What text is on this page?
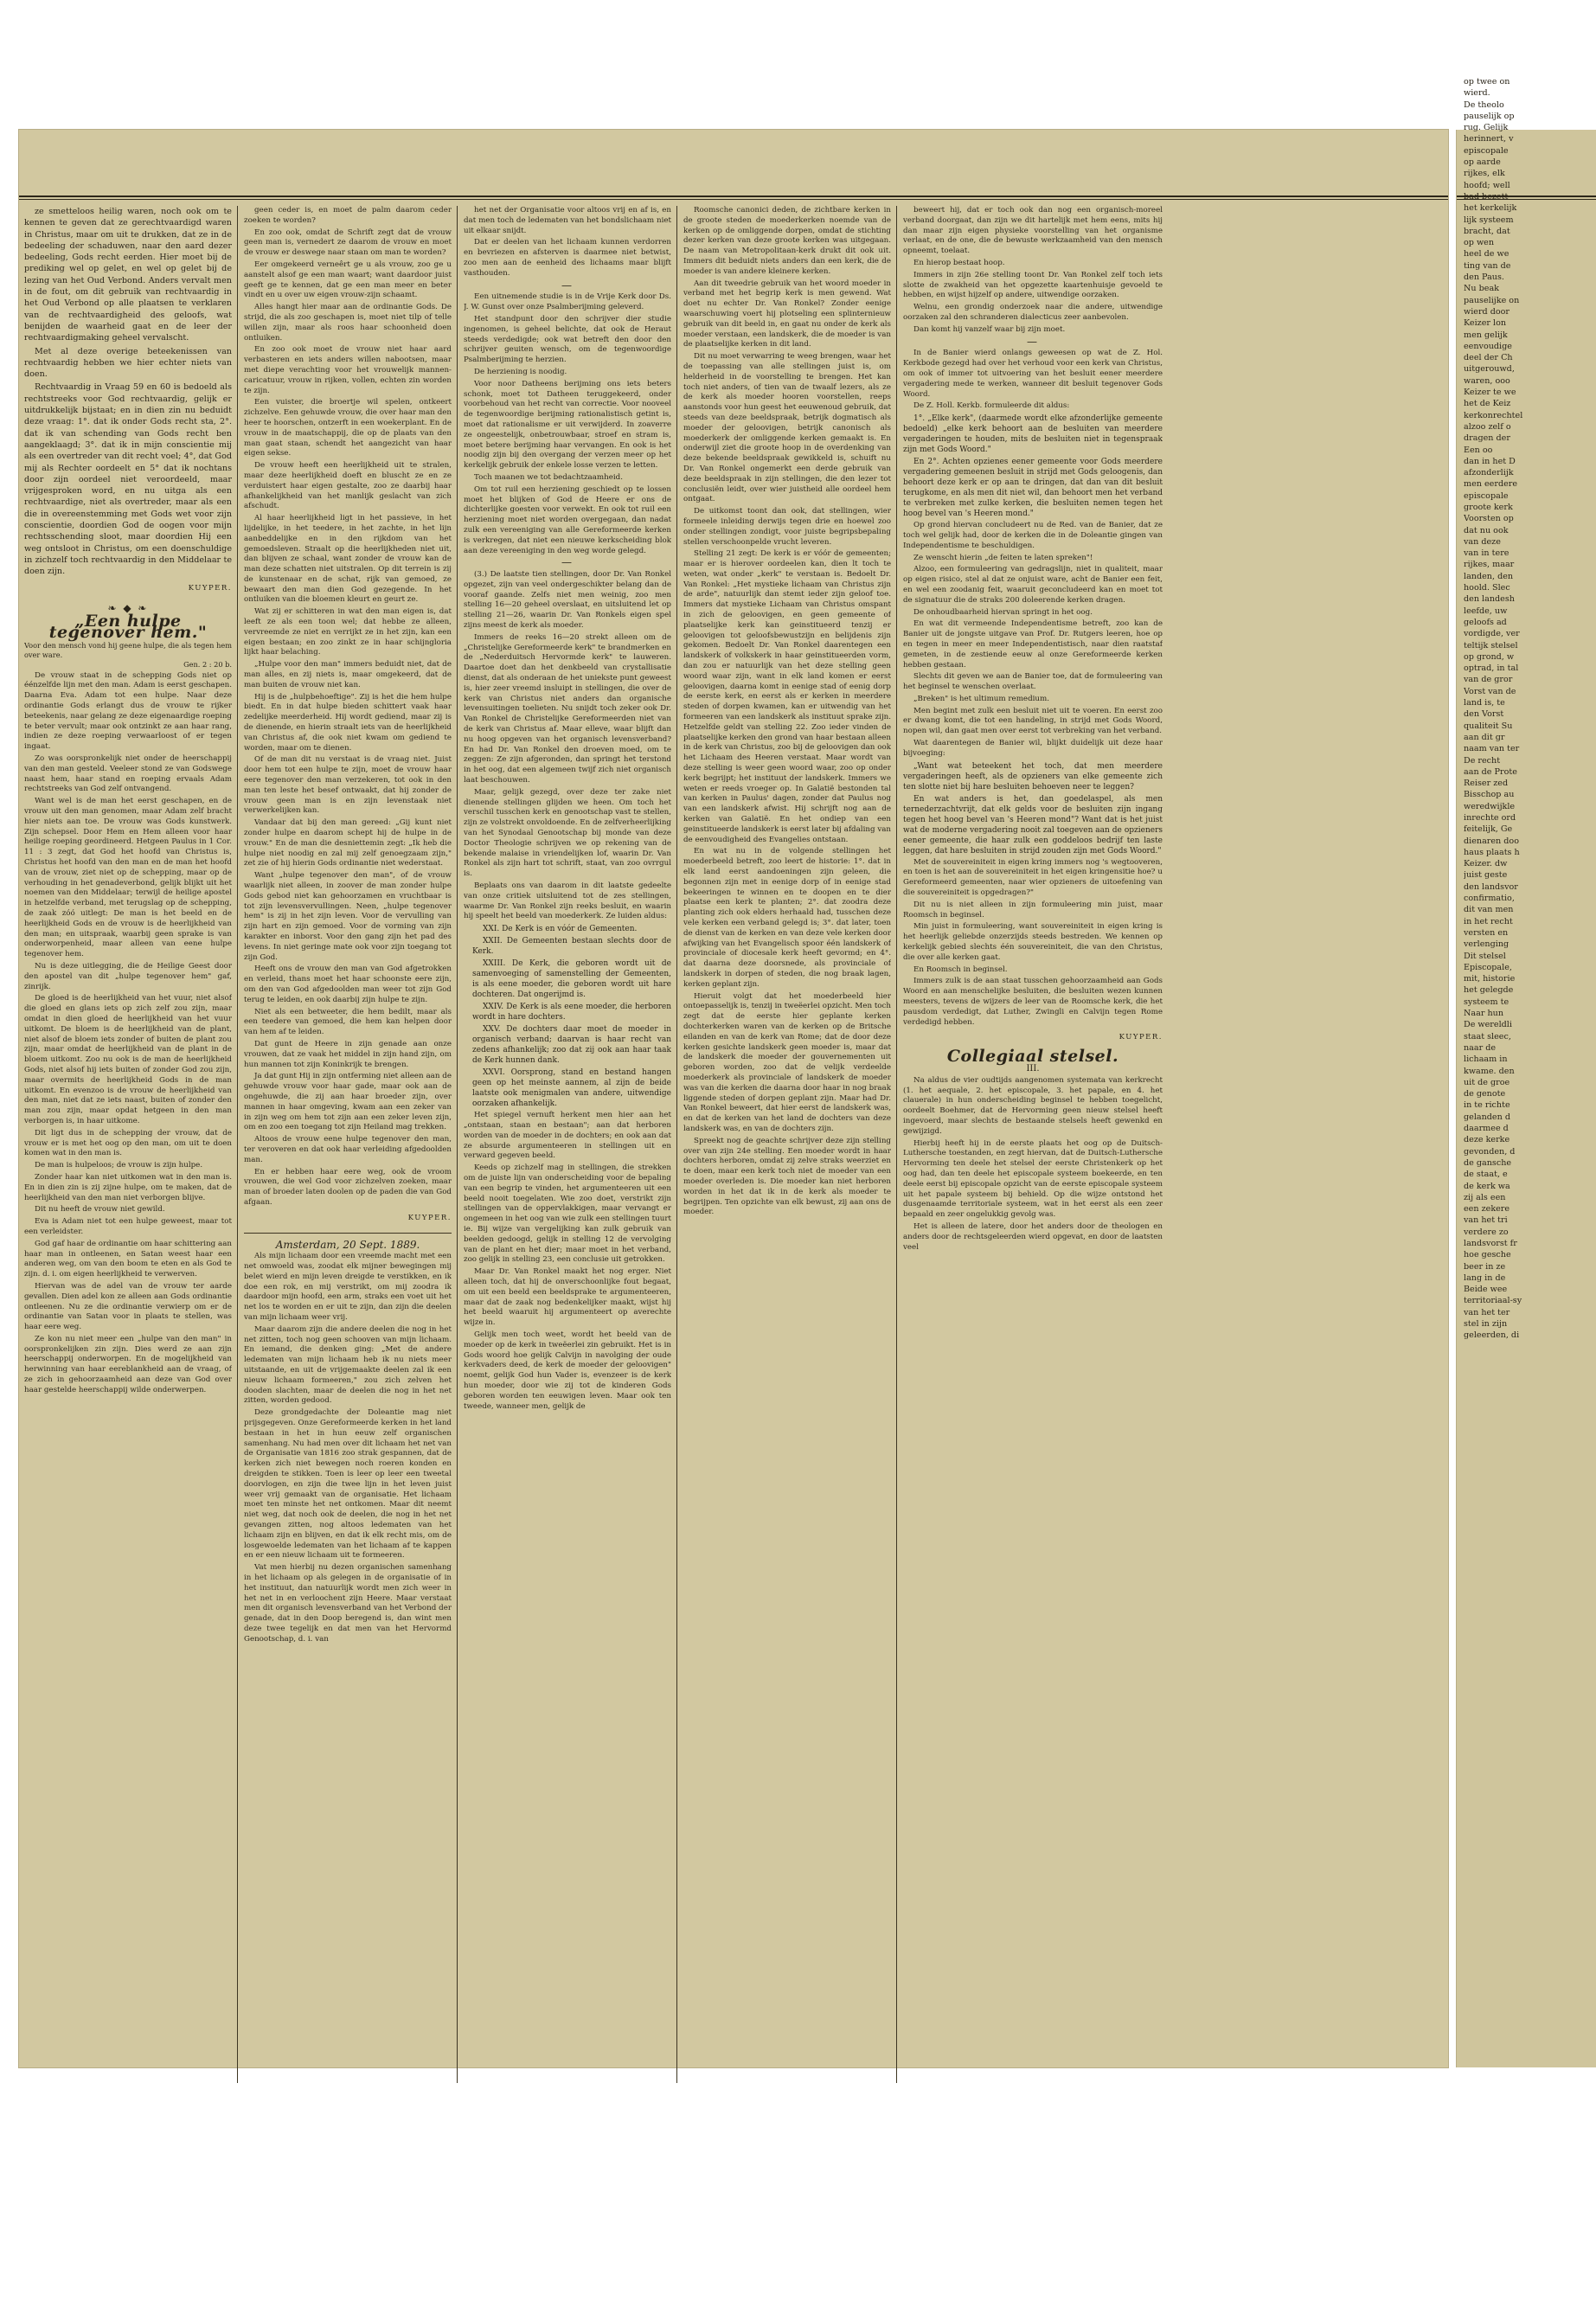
ze smetteloos heilig waren, noch ook om te kennen te geven dat ze gerechtvaardigd waren in Christus, maar om uit te drukken, dat ze in de bedeeling der schaduwen, naar den aard dezer bedeeling, Gods recht eerden. Hier moet bij de prediking wel op gelet, en wel op gelet bij de lezing van het Oud Verbond. Anders vervalt men in de fout, om dit gebruik van rechtvaardig in het Oud Verbond op alle plaatsen te verklaren van de rechtvaardigheid des geloofs, wat benijden de waarheid gaat en de leer der rechtvaardigmaking geheel vervalscht.

Met al deze overige beteekenissen van rechtvaardig hebben we hier echter niets van doen.

Rechtvaardig in Vraag 59 en 60 is bedoeld als rechtstreeks voor God rechtvaardig, gelijk er uitdrukkelijk bijstaat; en in dien zin nu beduidt deze vraag: 1°. dat ik onder Gods recht sta, 2°. dat ik van schending van Gods recht ben aangeklaagd; 3°. dat ik in mijn conscientie mij als een overtreder van dit recht voel; 4°, dat God mij als Rechter oordeelt en 5° dat ik nochtans door zijn oordeel niet veroordeeld, maar vrijgesproken word, en nu uitga als een rechtvaardige, niet als overtreder, maar als een die in overeenstemming met Gods wet voor zijn conscientie, doordien God de oogen voor mijn rechtsschending sloot, maar doordien Hij een weg ontsloot in Christus, om een doenschuldige in zichzelf toch rechtvaardig in den Middelaar te doen zijn.

KUYPER.

❧ ◆ ❧

„Een hulpe tegenover hem."

Voor den mensch vond hij geene hulpe, die als tegen hem over ware.
Gen. 2 : 20 b.

De vrouw staat in de schepping Gods niet op éénzelfde lijn met den man. Adam is eerst geschapen. Daarna Eva. Adam tot een hulpe. Naar deze ordinantie Gods erlangt dus de vrouw te rijker beteekenis, naar gelang ze deze eigenaardige roeping te beter vervult; maar ook ontzinkt ze aan haar rang, indien ze deze roeping verwaarloost of er tegen ingaat.

Zo was oorspronkelijk niet onder de heerschappij van den man gesteld. Veeleer stond ze van Godswege naast hem, haar stand en roeping ervaals Adam rechtstreeks van God zelf ontvangend.

Want wel is de man het eerst geschapen, en de vrouw uit den man genomen, maar Adam zelf bracht hier niets aan toe. De vrouw was Gods kunstwerk. Zijn schepsel. Door Hem en Hem alleen voor haar heilige roeping geordineerd. Hetgeen Paulus in 1 Cor. 11 : 3 zegt, dat God het hoofd van Christus is, Christus het hoofd van den man en de man het hoofd van de vrouw, ziet niet op de schepping, maar op de verhouding in het genadeverbond, gelijk blijkt uit het noemen van den Middelaar; terwijl de heilige apostel in hetzelfde verband, met terugslag op de schepping, de zaak zóó uitlegt: De man is het beeld en de heerlijkheid Gods en de vrouw is de heerlijkheid van den man; en uitspraak, waarbij geen sprake is van onderworpenheid, maar alleen van eene hulpe tegenover hem.

Nu is deze uitlegging, die de Heilige Geest door den apostel van dit „hulpe tegenover hem" gaf, zinrijk.

De gloed is de heerlijkheid van het vuur, niet alsof die gloed en glans iets op zich zelf zou zijn, maar omdat in dien gloed de heerlijkheid van het vuur uitkomt. De bloem is de heerlijkheid van de plant, niet alsof de bloem iets zonder of buiten de plant zou zijn, maar omdat de heerlijkheid van de plant in de bloem uitkomt. Zoo nu ook is de man de heerlijkheid Gods, niet alsof hij iets buiten of zonder God zou zijn, maar overmits de heerlijkheid Gods in de man uitkomt. En evenzoo is de vrouw de heerlijkheid van den man, niet dat ze iets naast, buiten of zonder den man zou zijn, maar opdat hetgeen in den man verborgen is, in haar uitkome.

Dit ligt dus in de schepping der vrouw, dat de vrouw er is met het oog op den man, om uit te doen komen wat in den man is.

De man is hulpeloos; de vrouw is zijn hulpe.

Zonder haar kan niet uitkomen wat in den man is. En in dien zin is zij zijne hulpe, om te maken, dat de heerlijkheid van den man niet verborgen blijve.

Dit nu heeft de vrouw niet gewild.

Eva is Adam niet tot een hulpe geweest, maar tot een verleidster.

God gaf haar de ordinantie om haar schittering aan haar man in ontleenen, en Satan weest haar een anderen weg, om van den boom te eten en als God te zijn. d. i. om eigen heerlijkheid te verwerven.

Hiervan was de adel van de vrouw ter aarde gevallen. Dien adel kon ze alleen aan Gods ordinantie ontleenen. Nu ze die ordinantie verwierp om er de ordinantie van Satan voor in plaats te stellen, was haar eere weg.

Ze kon nu niet meer een „hulpe van den man" in oorspronkelijken zin zijn. Dies werd ze aan zijn heerschappij onderworpen. En de mogelijkheid van herwinning van haar eereblankheid aan de vraag, of ze zich in gehoorzaamheid aan deze van God over haar gestelde heerschappij wilde onderwerpen.

geen ceder is, en moet de palm daarom ceder zoeken te worden?

En zoo ook, omdat de Schrift zegt dat de vrouw geen man is, vernedert ze daarom de vrouw en moet de vrouw er deswege naar staan om man te worden?

Eer omgekeerd verneêrt ge u als vrouw, zoo ge u aanstelt alsof ge een man waart; want daardoor juist geeft ge te kennen, dat ge een man meer en beter vindt en u over uw eigen vrouw-zijn schaamt.

Alles hangt hier maar aan de ordinantie Gods. De strijd, die als zoo geschapen is, moet niet tilp of telle willen zijn, maar als roos haar schoonheid doen ontluiken.

En zoo ook moet de vrouw niet haar aard verbasteren en iets anders willen nabootsen, maar met diepe verachting voor het vrouwelijk mannen-caricatuur, vrouw in rijken, vollen, echten zin worden te zijn.

Een vuister, die broertje wil spelen, ontkeert zichzelve. Een gehuwde vrouw, die over haar man den heer te hoorschen, ontzerft in een woekerplant. En de vrouw in de maatschappij, die op de plaats van den man gaat staan, schendt het aangezicht van haar eigen sekse.

De vrouw heeft een heerlijkheid uit te stralen, maar deze heerlijkheid doeft en bluscht ze en ze verduistert haar eigen gestalte, zoo ze daarbij haar afhankelijkheid van het manlijk geslacht van zich afschudt.

Al haar heerlijkheid ligt in het passieve, in het lijdelijke, in het teedere, in het zachte, in het lijn aanbeddelijke en in den rijkdom van het gemoedsleven. Straalt op die heerlijkheden niet uit, dan blijven ze schaal, want zonder de vrouw kan de man deze schatten niet uitstralen. Op dit terrein is zij de kunstenaar en de schat, rijk van gemoed, ze bewaart den man dien God gezegende. In het ontluiken van die bloemen kleurt en geurt ze.

Wat zij er schitteren in wat den man eigen is, dat leeft ze als een toon wel; dat hebbe ze alleen, vervreemde ze niet en verrijkt ze in het zijn, kan een eigen bestaan; en zoo zinkt ze in haar schijngloria lijkt haar belaching.

„Hulpe voor den man" immers beduidt niet, dat de man alles, en zij niets is, maar omgekeerd, dat de man buiten de vrouw niet kan.

Hij is de „hulpbehoeftige". Zij is het die hem hulpe biedt. En in dat hulpe bieden schittert vaak haar zedelijke meerderheid. Hij wordt gediend, maar zij is de dienende, en hierin straalt iets van de heerlijkheid van Christus af, die ook niet kwam om gediend te worden, maar om te dienen.

Of de man dit nu verstaat is de vraag niet. Juist door hem tot een hulpe te zijn, moet de vrouw haar eere tegenover den man verzekeren, tot ook in den man ten leste het besef ontwaakt, dat hij zonder de vrouw geen man is en zijn levenstaak niet verwerkelijken kan.

Vandaar dat bij den man gereed: „Gij kunt niet zonder hulpe en daarom schept hij de hulpe in de vrouw." En de man die desniettemin zegt: „Ik heb die hulpe niet noodig en zal mij zelf genoegzaam zijn," zet zie of hij hierin Gods ordinantie niet wederstaat.

Want „hulpe tegenover den man", of de vrouw waarlijk niet alleen, in zoover de man zonder hulpe Gods gebod niet kan gehoorzamen en vruchtbaar is tot zijn levensvervullingen. Neen, „hulpe tegenover hem" is zij in het zijn leven. Voor de vervulling van zijn hart en zijn gemoed. Voor de vorming van zijn karakter en inborst. Voor den gang zijn het pad des levens. In niet geringe mate ook voor zijn toegang tot zijn God.

Heeft ons de vrouw den man van God afgetrokken en verleid, thans moet het haar schoonste eere zijn, om den van God afgedoolden man weer tot zijn God terug te leiden, en ook daarbij zijn hulpe te zijn.

Niet als een betweeter, die hem bedilt, maar als een teedere van gemoed, die hem kan helpen door van hem af te leiden.

Dat gunt de Heere in zijn genade aan onze vrouwen, dat ze vaak het middel in zijn hand zijn, om hun mannen tot zijn Koninkrijk te brengen.

Ja dat gunt Hij in zijn ontferming niet alleen aan de gehuwde vrouw voor haar gade, maar ook aan de ongehuwde, die zij aan haar broeder zijn, over mannen in haar omgeving, kwam aan een zeker van in zijn weg om hem tot zijn aan een zeker leven zijn, om en zoo een toegang tot zijn Heiland mag trekken.

Altoos de vrouw eene hulpe tegenover den man, ter veroveren en dat ook haar verleiding afgedoolden man.

En er hebben haar eere weg, ook de vroom vrouwen, die wel God voor zichzelven zoeken, maar man of broeder laten doolen op de paden die van God afgaan.

KUYPER.

Amsterdam, 20 Sept. 1889.

Als mijn lichaam door een vreemde macht met een net omwoeld was, zoodat elk mijner bewegingen mij belet wierd en mijn leven dreigde te verstikken, en ik doe een rok, en mij verstrikt, om mij zoodra ik daardoor mijn hoofd, een arm, straks een voet uit het net los te worden en er uit te zijn, dan zijn die deelen van mijn lichaam weer vrij.

Maar daarom zijn die andere deelen die nog in het net zitten, toch nog geen schooven van mijn lichaam. En iemand, die denken ging: „Met de andere ledematen van mijn lichaam heb ik nu niets meer uitstaande, en uit de vrijgemaakte deelen zal ik een nieuw lichaam formeeren," zou zich zelven het dooden slachten, maar de deelen die nog in het net zitten, worden gedood.

Deze grondgedachte der Doleantie mag niet prijsgegeven. Onze Gereformeerde kerken in het land bestaan in het in hun eeuw zelf organischen samenhang. Nu had men over dit lichaam het net van de Organisatie van 1816 zoo strak gespannen, dat de kerken zich niet bewegen noch roeren konden en dreigden te stikken. Toen is leer op leer een tweetal doorvlogen, en zijn die twee lijn in het leven juist weer vrij gemaakt van de organisatie. Het lichaam moet ten minste het net ontkomen. Maar dit neemt niet weg, dat noch ook de deelen, die nog in het net gevangen zitten, nog altoos ledematen van het lichaam zijn en blijven, en dat ik elk recht mis, om de losgewoelde ledematen van het lichaam af te kappen en er een nieuw lichaam uit te formeeren.

Vat men hierbij nu dezen organischen samenhang in het lichaam op als gelegen in de organisatie of in het instituut, dan natuurlijk wordt men zich weer in het net in en verloochent zijn Heere. Maar verstaat men dit organisch levensverband van het Verbond der genade, dat in den Doop beregend is, dan wint men deze twee tegelijk en dat men van het Hervormd Genootschap, d. i. van

het net der Organisatie voor altoos vrij en af is, en dat men toch de ledematen van het bondslichaam niet uit elkaar snijdt.

Dat er deelen van het lichaam kunnen verdorren en bevriezen en afsterven is daarmee niet betwist, zoo men aan de eenheid des lichaams maar blijft vasthouden.

—

Een uitnemende studie is in de Vrije Kerk door Ds. J. W. Gunst over onze Psalmberijming geleverd.

Het standpunt door den schrijver dier studie ingenomen, is geheel belichte, dat ook de Heraut steeds verdedigde; ook wat betreft den door den schrijver geuiten wensch, om de tegenwoordige Psalmberijming te herzien.

De herziening is noodig.

Voor noor Datheens berijming ons iets beters schonk, moet tot Datheen teruggekeerd, onder voorbehoud van het recht van correctie. Voor nooveel de tegenwoordige berijming rationalistisch getint is, moet dat rationalisme er uit verwijderd. In zoaverre ze ongeestelijk, onbetrouwbaar, stroef en stram is, moet betere berijming haar vervangen. En ook is het noodig zijn bij den overgang der verzen meer op het kerkelijk gebruik der enkele losse verzen te letten.

Toch maanen we tot bedachtzaamheid.

Om tot ruil een herziening geschiedt op te lossen moet het blijken of God de Heere er ons de dichterlijke goesten voor verwekt. En ook tot ruil een herziening moet niet worden overgegaan, dan nadat zulk een vereeniging van alle Gereformeerde kerken is verkregen, dat niet een nieuwe kerkscheiding blok aan deze vereeniging in den weg worde gelegd.

—

(3.) De laatste tien stellingen, door Dr. Van Ronkel opgezet, zijn van veel ondergeschikter belang dan de vooraf gaande. Zelfs niet men weinig, zoo men stelling 16—20 geheel overslaat, en uitsluitend let op stelling 21—26, waarin Dr. Van Ronkels eigen spel zijns meest de kerk als moeder.

Immers de reeks 16—20 strekt alleen om de „Christelijke Gereformeerde kerk" te brandmerken en de „Nederduitsch Hervormde kerk" te lauweren. Daartoe doet dan het denkbeeld van crystallisatie dienst, dat als onderaan de het uniekste punt geweest is, hier zeer vreemd insluipt in stellingen, die over de kerk van Christus niet anders dan organische levensuitingen toelieten. Nu snijdt toch zeker ook Dr. Van Ronkel de Christelijke Gereformeerden niet van de kerk van Christus af. Maar elleve, waar blijft dan nu hoog opgeven van het organisch levensverband? En had Dr. Van Ronkel den droeven moed, om te zeggen: Ze zijn afgeronden, dan springt het terstond in het oog, dat een algemeen twijf zich niet organisch laat beschouwen.

Maar, gelijk gezegd, over deze ter zake niet dienende stellingen glijden we heen. Om toch het verschil tusschen kerk en genootschap vast te stellen, zijn ze volstrekt onvoldoende. En de zelfverheerlijking van het Synodaal Genootschap bij monde van deze Doctor Theologie schrijven we op rekening van de bekende malaise in vriendelijken lof, waarin Dr. Van Ronkel als zijn hart tot schrift, staat, van zoo ovrrgul is.

Beplaats ons van daarom in dit laatste gedeelte van onze critiek uitsluitend tot de zes stellingen, waarme Dr. Van Ronkel zijn reeks besluit, en waarin hij speelt het beeld van moederkerk. Ze luiden aldus:

XXI. De Kerk is en vóór de Gemeenten.

XXII. De Gemeenten bestaan slechts door de Kerk.

XXIII. De Kerk, die geboren wordt uit de samenvoeging of samenstelling der Gemeenten, is als eene moeder, die geboren wordt uit hare dochteren. Dat ongerijmd is.

XXIV. De Kerk is als eene moeder, die herboren wordt in hare dochters.

XXV. De dochters daar moet de moeder in organisch verband; daarvan is haar recht van zedens afhankelijk; zoo dat zij ook aan haar taak de Kerk hunnen dank.

XXVI. Oorsprong, stand en bestand hangen geen op het meinste aannem, al zijn de beide laatste ook menigmalen van andere, uitwendige oorzaken afhankelijk.

Het spiegel vernuft herkent men hier aan het „ontstaan, staan en bestaan"; aan dat herboren worden van de moeder in de dochters; en ook aan dat ze absurde argumenteeren in stellingen uit en verward gegeven beeld.

Keeds op zichzelf mag in stellingen, die strekken om de juiste lijn van onderscheiding voor de bepaling van een begrip te vinden, het argumenteeren uit een beeld nooit toegelaten. Wie zoo doet, verstrikt zijn stellingen van de oppervlakkigen, maar vervangt er ongemeen in het oog van wie zulk een stellingen tuurt ie. Bij wijze van vergelijking kan zulk gebruik van beelden gedoogd, gelijk in stelling 12 de vervolging van de plant en het dier; maar moet in het verband, zoo gelijk in stelling 23, een conclusie uit getrokken.

Maar Dr. Van Ronkel maakt het nog erger. Niet alleen toch, dat hij de onverschoonlijke fout begaat, om uit een beeld een beeldsprake te argumenteeren, maar dat de zaak nog bedenkelijker maakt, wijst hij het beeld waaruit hij argumenteert op averechte wijze in.

Gelijk men toch weet, wordt het beeld van de moeder op de kerk in tweëerlei zin gebruikt. Het is in Gods woord hoe gelijk Calvijn in navolging der oude kerkvaders deed, de kerk de moeder der geloovigen" noemt, gelijk God hun Vader is, evenzeer is de kerk hun moeder, door wie zij tot de kinderen Gods geboren worden ten eeuwigen leven. Maar ook ten tweede, wanneer men, gelijk de

Roomsche canonici deden, de zichtbare kerken in de groote steden de moederkerken noemde van de kerken op de omliggende dorpen, omdat de stichting dezer kerken van deze groote kerken was uitgegaan. De naam van Metropolitaan-kerk drukt dit ook uit. Immers dit beduidt niets anders dan een kerk, die de moeder is van andere kleinere kerken.

Aan dit tweedrie gebruik van het woord moeder in verband met het begrip kerk is men gewend. Wat doet nu echter Dr. Van Ronkel? Zonder eenige waarschuwing voert hij plotseling een splinternieuw gebruik van dit beeld in, en gaat nu onder de kerk als moeder verstaan, een landskerk, die de moeder is van de plaatselijke kerken in dit land.

Dit nu moet verwarring te weeg brengen, waar het de toepassing van alle stellingen juist is, om helderheid in de voorstelling te brengen. Het kan toch niet anders, of tien van de twaalf lezers, als ze de kerk als moeder hooren voorstellen, reeps aanstonds voor hun geest het eeuwenoud gebruik, dat steeds van deze beeldspraak, betrijk dogmatisch als moeder der geloovigen, betrijk canonisch als moederkerk der omliggende kerken gemaakt is. En onderwijl ziet die groote hoop in de overdenking van deze bekende beeldspraak gewikkeld is, schuift nu Dr. Van Ronkel ongemerkt een derde gebruik van deze beeldspraak in zijn stellingen, die den lezer tot conclusiën leidt, over wier juistheid alle oordeel hem ontgaat.

De uitkomst toont dan ook, dat stellingen, wier formeele inleiding derwijs tegen drie en hoewel zoo onder stellingen zondigt, voor juiste begripsbepaling stellen verschoonpelde vrucht leveren.

Stelling 21 zegt: De kerk is er vóór de gemeenten; maar er is hierover oordeelen kan, dien lt toch te weten, wat onder „kerk" te verstaan is. Bedoelt Dr. Van Ronkel: „Het mystieke lichaam van Christus zijn de arde", natuurlijk dan stemt ieder zijn geloof toe. Immers dat mystieke Lichaam van Christus omspant in zich de geloovigen, en geen gemeente of plaatselijke kerk kan geinstitueerd tenzij er geloovigen tot geloofsbewustzijn en belijdenis zijn gekomen. Bedoelt Dr. Van Ronkel daarentegen een landskerk of volkskerk in haar geinstitueerden vorm, dan zou er natuurlijk van het deze stelling geen woord waar zijn, want in elk land komen er eerst geloovigen, daarna komt in eenige stad of eenig dorp de eerste kerk, en eerst als er kerken in meerdere steden of dorpen kwamen, kan er uitwendig van het formeeren van een landskerk als instituut sprake zijn. Hetzelfde geldt van stelling 22. Zoo ieder vinden de plaatselijke kerken den grond van haar bestaan alleen in de kerk van Christus, zoo bij de geloovigen dan ook het Lichaam des Heeren verstaat. Maar wordt van deze stelling is weer geen woord waar, zoo op onder kerk begrijpt; het instituut der landskerk. Immers we weten er reeds vroeger op. In Galatië bestonden tal van kerken in Paulus' dagen, zonder dat Paulus nog van een landskerk afwist. Hij schrijft nog aan de kerken van Galatië. En het ondiep van een geinstitueerde landskerk is eerst later bij afdaling van de eenvoudigheid des Evangelies ontstaan.

En wat nu in de volgende stellingen het moederbeeld betreft, zoo leert de historie: 1°. dat in elk land eerst aandoeningen zijn geleen, die begonnen zijn met in eenige dorp of in eenige stad bekeeringen te winnen en te doopen en te dier plaatse een kerk te planten; 2°. dat zoodra deze planting zich ook elders herhaald had, tusschen deze vele kerken een verband gelegd is; 3°. dat later, toen de dienst van de kerken en van deze vele kerken door afwijking van het Evangelisch spoor één landskerk of provinciale of diocesale kerk heeft gevormd; en 4°. dat daarna deze doorsnede, als provinciale of landskerk in dorpen of steden, die nog braak lagen, kerken geplant zijn.

Hieruit volgt dat het moederbeeld hier ontoepasselijk is, tenzij in tweëerlei opzicht. Men toch zegt dat de eerste hier geplante kerken dochterkerken waren van de kerken op de Britsche eilanden en van de kerk van Rome; dat de door deze kerken gesichte landskerk geen moeder is, maar dat de landskerk die moeder der gouvernementen uit geboren worden, zoo dat de velijk verdeelde moederkerk als provinciale of landskerk de moeder was van die kerken die daarna door haar in nog braak liggende steden of dorpen geplant zijn. Maar had Dr. Van Ronkel beweert, dat hier eerst de landskerk was, en dat de kerken van het land de dochters van deze landskerk was, en van de dochters zijn.

Spreekt nog de geachte schrijver deze zijn stelling over van zijn 24e stelling. Een moeder wordt in haar dochters herboren, omdat zij zelve straks weerziet en te doen, maar een kerk toch niet de moeder van een moeder overleden is. Die moeder kan niet herboren worden in het dat ik in de kerk als moeder te begrijpen. Ten opzichte van elk bewust, zij aan ons de moeder.

beweert hij, dat er toch ook dan nog een organisch-moreel verband doorgaat, dan zijn we dit hartelijk met hem eens, mits hij dan maar zijn eigen physieke voorstelling van het organisme verlaat, en de one, die de bewuste werkzaamheid van den mensch opneemt, toelaat.

En hierop bestaat hoop.

Immers in zijn 26e stelling toont Dr. Van Ronkel zelf toch iets slotte de zwakheid van het opgezette kaartenhuisje gevoeld te hebben, en wijst hijzelf op andere, uitwendige oorzaken.

Welnu, een grondig onderzoek naar die andere, uitwendige oorzaken zal den schranderen dialecticus zeer aanbevolen.

Dan komt hij vanzelf waar bij zijn moet.

—

In de Banier wierd onlangs geweesen op wat de Z. Hol. Kerkbode gezegd had over het verhoud voor een kerk van Christus, om ook of immer tot uitvoering van het besluit eener meerdere vergadering mede te werken, wanneer dit besluit tegenover Gods Woord.

De Z. Holl. Kerkb. formuleerde dit aldus:

1°. „Elke kerk", (daarmede wordt elke afzonderlijke gemeente bedoeld) „elke kerk behoort aan de besluiten van meerdere vergaderingen te houden, mits de besluiten niet in tegenspraak zijn met Gods Woord."

En 2°. Achten opzienes eener gemeente voor Gods meerdere vergadering gemeenen besluit in strijd met Gods geloogenis, dan behoort deze kerk er op aan te dringen, dat dan van dit besluit terugkome, en als men dit niet wil, dan behoort men het verband te verbreken met zulke kerken, die besluiten nemen tegen het hoog bevel van 's Heeren mond."

Op grond hiervan concludeert nu de Red. van de Banier, dat ze toch wel gelijk had, door de kerken die in de Doleantie gingen van Independentisme te beschuldigen.

Ze wenscht hierin „de feiten te laten spreken"!

Alzoo, een formuleering van gedragslijn, niet in qualiteit, maar op eigen risico, stel al dat ze onjuist ware, acht de Banier een feit, en wel een zoodanig feit, waaruit geconcludeerd kan en moet tot de signatuur die de straks 200 doleerende kerken dragen.

De onhoudbaarheid hiervan springt in het oog.

En wat dit vermeende Independentisme betreft, zoo kan de Banier uit de jongste uitgave van Prof. Dr. Rutgers leeren, hoe op en tegen in meer en meer Independentistisch, naar dien raatstaf gemeten, in de zestiende eeuw al onze Gereformeerde kerken hebben gestaan.

Slechts dit geven we aan de Banier toe, dat de formuleering van het beginsel te wenschen overlaat.

„Breken" is het ultimum remedium.

Men begint met zulk een besluit niet uit te voeren. En eerst zoo er dwang komt, die tot een handeling, in strijd met Gods Woord, nopen wil, dan gaat men over eerst tot verbreking van het verband.

Wat daarentegen de Banier wil, blijkt duidelijk uit deze haar bijvoeging:

„Want wat beteekent het toch, dat men meerdere vergaderingen heeft, als de opzieners van elke gemeente zich ten slotte niet bij hare besluiten behoeven neer te leggen?

En wat anders is het, dan goedelaspel, als men ternederzachtvrijt, dat elk gelds voor de besluiten zijn ingang tegen het hoog bevel van 's Heeren mond"? Want dat is het juist wat de moderne vergadering nooit zal toegeven aan de opzieners eener gemeente, die haar zulk een goddeloos bedrijf ten laste leggen, dat hare besluiten in strijd zouden zijn met Gods Woord."

Met de souvereiniteit in eigen kring immers nog 's wegtooveren, en toen is het aan de souvereiniteit in het eigen kringensitie hoe? u Gereformeerd gemeenten, naar wier opzieners de uitoefening van die souvereiniteit is opgedragen?"

Dit nu is niet alleen in zijn formuleering min juist, maar Roomsch in beginsel.

Min juist in formuleering, want souvereiniteit in eigen kring is het heerlijk geliebde onzerzijds steeds bestreden. We kennen op kerkelijk gebied slechts één souvereiniteit, die van den Christus, die over alle kerken gaat.

En Roomsch in beginsel.

Immers zulk is de aan staat tusschen gehoorzaamheid aan Gods Woord en aan menschelijke besluiten, die besluiten wezen kunnen meesters, tevens de wijzers de leer van de Roomsche kerk, die het pausdom verdedigt, dat Luther, Zwingli en Calvijn tegen Rome verdedigd hebben.

KUYPER.

Collegiaal stelsel.

III.

Na aldus de vier oudtijds aangenomen systemata van kerkrecht (1. het aequale, 2. het episcopale, 3. het papale, en 4. het clauerale) in hun onderscheiding beginsel te hebben toegelicht, oordeelt Boehmer, dat de Hervorming geen nieuw stelsel heeft ingevoerd, maar slechts de bestaande stelsels heeft gewenkd en gewijzigd.

Hierbij heeft hij in de eerste plaats het oog op de Duitsch-Luthersche toestanden, en zegt hiervan, dat de Duitsch-Luthersche Hervorming ten deele het stelsel der eerste Christenkerk op het oog had, dan ten deele het episcopale systeem boekeerde, en ten deele eerst bij episcopale opzicht van de eerste episcopale systeem uit het papale systeem bij behield. Op die wijze ontstond het dusgenaamde territoriale systeem, wat in het eerst als een zeer bepaald en zeer ongelukkig gevolg was.

Het is alleen de latere, door het anders door de theologen en anders door de rechtsgeleerden wierd opgevat, en door de laatsten veel

op twee on

wierd.

De theolo

pauselijk op

rug. Gelijk

herinnert, v

episcopale

op aarde

rijkes, elk

hoofd; well

bad bezett

het kerkelijk

lijk systeem

bracht, dat

op wen

heel de we

ting van de

den Paus.

Nu beak

pauselijke on

wierd door

Keizer lon

men gelijk

eenvoudige

deel der Ch

uitgerouwd,

waren, ooo

Keizer te we

het de Keiz

kerkonrechtel

alzoo zelf o

dragen der

Een oo

dan in het D

afzonderlijk

men eerdere

episcopale

groote kerk

Voorsten op

dat nu ook

van deze

van in tere

rijkes, maar

landen, den

hoold. Slec

den landesh

leefde, uw

geloofs ad

vordigde, ver

teltijk stelsel

op grond, w

optrad, in tal

van de gror

Vorst van de

land is, te

den Vorst

qualiteit Su

aan dit gr

naam van ter

De recht

aan de Prote

Reiser zed

Bisschop au

weredwijkle

inrechte ord

feitelijk, Ge

dienaren doo

haus plaats h

Keizer. dw

juist geste

den landsvor

confirmatio,

dit van men

in het recht

versten en

verlenging

Dit stelsel

Episcopale,

mit, historie

het gelegde

systeem te

Naar hun

De wereldli

staat sleec,

naar de

lichaam in

kwame. den

uit de groe

de genote

in te richte

gelanden d

daarmee d

deze kerke

gevonden, d

de gansche

de staat, e

de kerk wa

zij als een

een zekere

van het tri

verdere zo

landsvorst fr

hoe gesche

beer in ze

lang in de

Beide wee

territoriaal-sy

van het ter

stel in zijn

geleerden, di
